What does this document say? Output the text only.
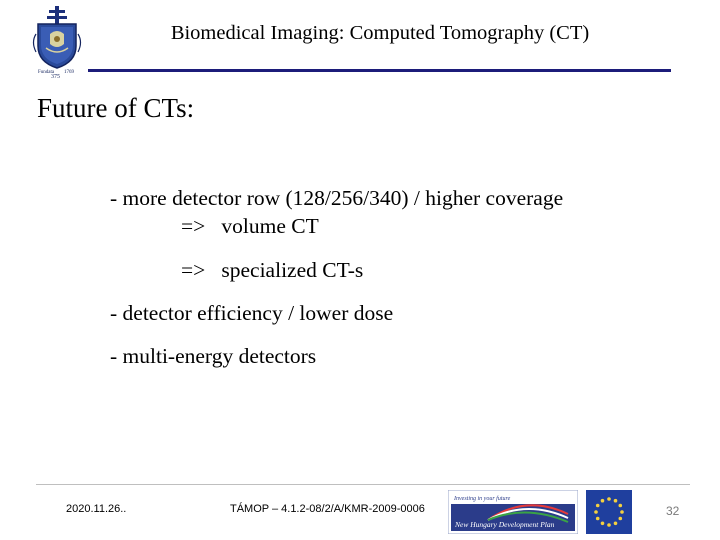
Fundata 1769
375
Biomedical Imaging: Computed Tomography (CT)
Future of CTs:
- more detector row (128/256/340) / higher coverage
=>   volume CT
=>   specialized CT-s
- detector efficiency / lower dose
- multi-energy detectors
2020.11.26..	TÁMOP – 4.1.2-08/2/A/KMR-2009-0006
Investing in your future
New Hungary Development Plan
32
